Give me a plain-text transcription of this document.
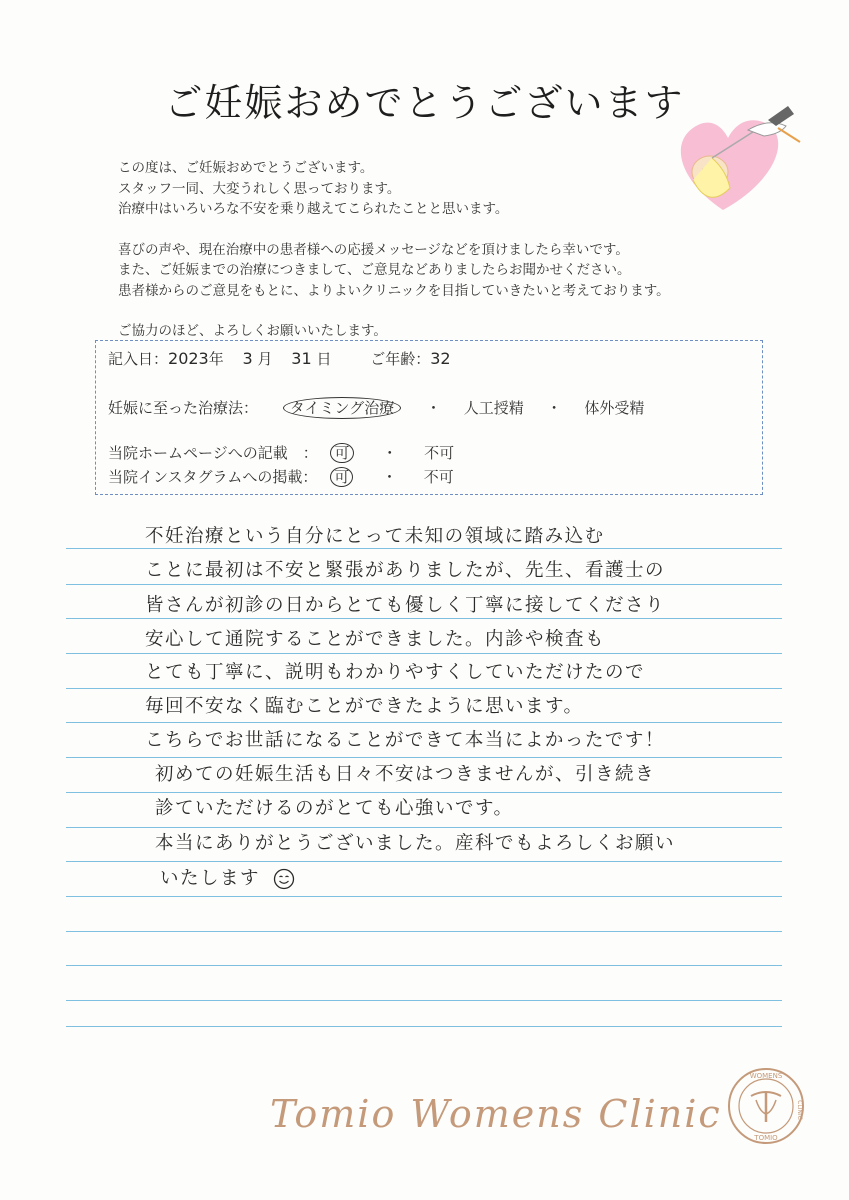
ご妊娠おめでとうございます

この度は、ご妊娠おめでとうございます。

スタッフ一同、大変うれしく思っております。

治療中はいろいろな不安を乗り越えてこられたことと思います。

喜びの声や、現在治療中の患者様への応援メッセージなどを頂けましたら幸いです。

また、ご妊娠までの治療につきまして、ご意見などありましたらお聞かせください。

患者様からのご意見をもとに、よりよいクリニックを目指していきたいと考えております。

ご協力のほど、よろしくお願いいたします。

記入日：2023年 3 月 31 日	ご年齢：32
妊娠に至った治療法： タイミング治療 ・ 人工授精 ・ 体外受精
当院ホームページへの記載　： 可 ・ 不可
当院インスタグラムへの掲載： 可 ・ 不可
不妊治療という自分にとって未知の領域に踏み込む
ことに最初は不安と緊張がありましたが、先生、看護士の
皆さんが初診の日からとても優しく丁寧に接してくださり
安心して通院することができました。内診や検査も
とても丁寧に、説明もわかりやすくしていただけたので
毎回不安なく臨むことができたように思います。
こちらでお世話になることができて本当によかったです！
初めての妊娠生活も日々不安はつきませんが、引き続き
診ていただけるのがとても心強いです。
本当にありがとうございました。産科でもよろしくお願い
いたします
Tomio Womens Clinic
WOMENS
TOMIO
CLINIC
